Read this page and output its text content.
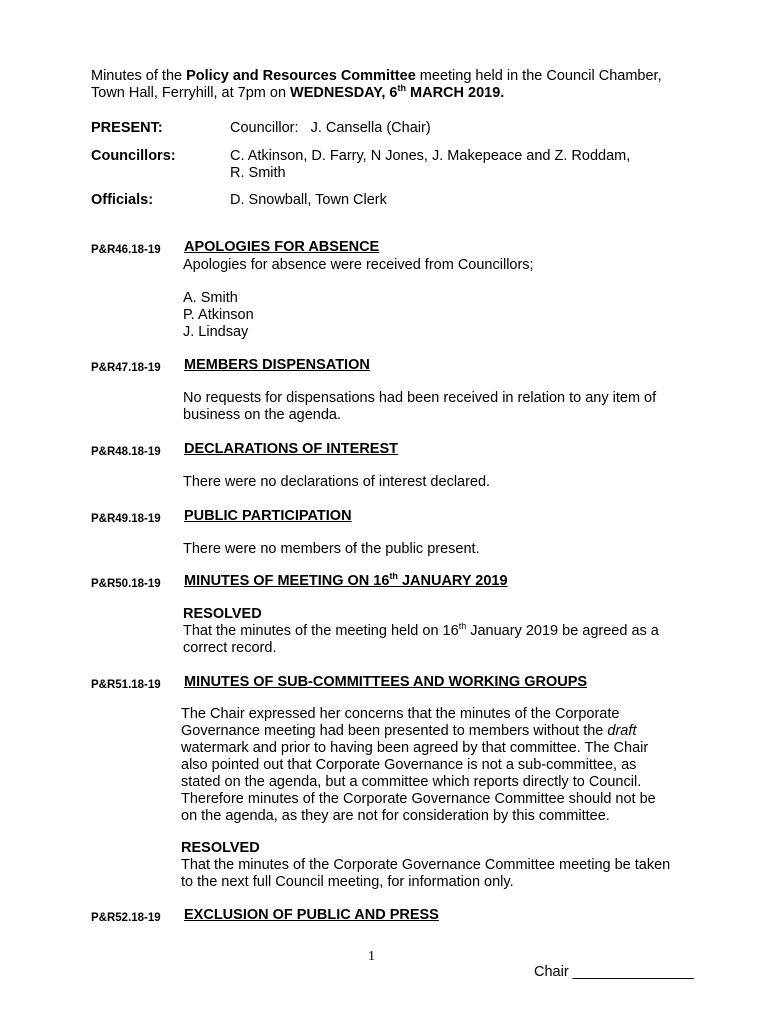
Minutes of the Policy and Resources Committee meeting held in the Council Chamber,
Town Hall, Ferryhill, at 7pm on WEDNESDAY, 6th MARCH 2019.
PRESENT:	Councillor:   J. Cansella (Chair)
Councillors:	C. Atkinson, D. Farry, N Jones, J. Makepeace and Z. Roddam,
R. Smith
Officials:	D. Snowball, Town Clerk
P&R46.18-19 APOLOGIES FOR ABSENCE
Apologies for absence were received from Councillors;
A. Smith
P. Atkinson
J. Lindsay
P&R47.18-19 MEMBERS DISPENSATION
No requests for dispensations had been received in relation to any item of
business on the agenda.
P&R48.18-19 DECLARATIONS OF INTEREST
There were no declarations of interest declared.
P&R49.18-19 PUBLIC PARTICIPATION
There were no members of the public present.
P&R50.18-19 MINUTES OF MEETING ON 16th JANUARY 2019
RESOLVED
That the minutes of the meeting held on 16th January 2019 be agreed as a
correct record.
P&R51.18-19 MINUTES OF SUB-COMMITTEES AND WORKING GROUPS
The Chair expressed her concerns that the minutes of the Corporate
Governance meeting had been presented to members without the draft
watermark and prior to having been agreed by that committee. The Chair
also pointed out that Corporate Governance is not a sub-committee, as
stated on the agenda, but a committee which reports directly to Council.
Therefore minutes of the Corporate Governance Committee should not be
on the agenda, as they are not for consideration by this committee.
RESOLVED
That the minutes of the Corporate Governance Committee meeting be taken
to the next full Council meeting, for information only.
P&R52.18-19 EXCLUSION OF PUBLIC AND PRESS
1
Chair _______________
